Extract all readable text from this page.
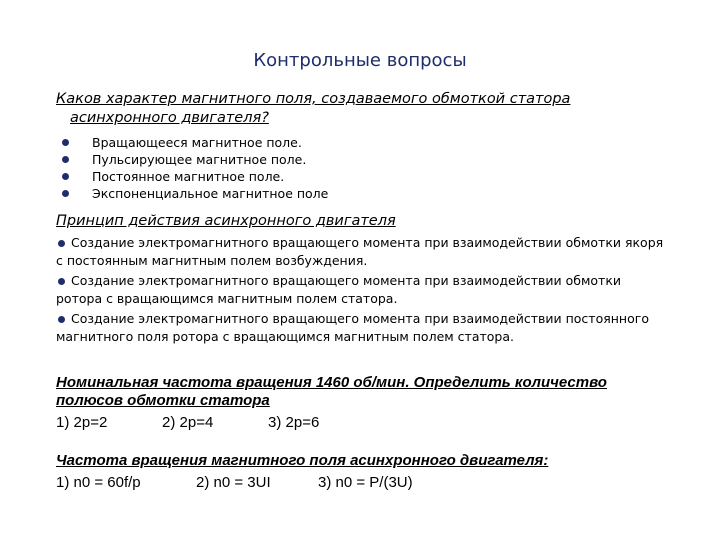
Контрольные вопросы
Каков характер магнитного поля, создаваемого обмоткой статора
асинхронного двигателя?
Вращающееся магнитное поле.
Пульсирующее магнитное поле.
Постоянное магнитное поле.
Экспоненциальное магнитное поле
Принцип действия асинхронного двигателя
Создание электромагнитного вращающего момента при взаимодействии обмотки якоря с постоянным магнитным полем возбуждения.
Создание электромагнитного вращающего момента при взаимодействии обмотки ротора с вращающимся магнитным полем статора.
Создание электромагнитного вращающего момента при взаимодействии постоянного магнитного поля ротора с вращающимся магнитным полем статора.
Номинальная частота вращения 1460 об/мин. Определить количество
полюсов обмотки статора

1) 2р=2

	2) 2р=4

	3) 2р=6

Частота вращения магнитного поля асинхронного двигателя:

1) n0 = 60f/p

	2) n0 = 3UI

	3) n0 = P/(3U)
